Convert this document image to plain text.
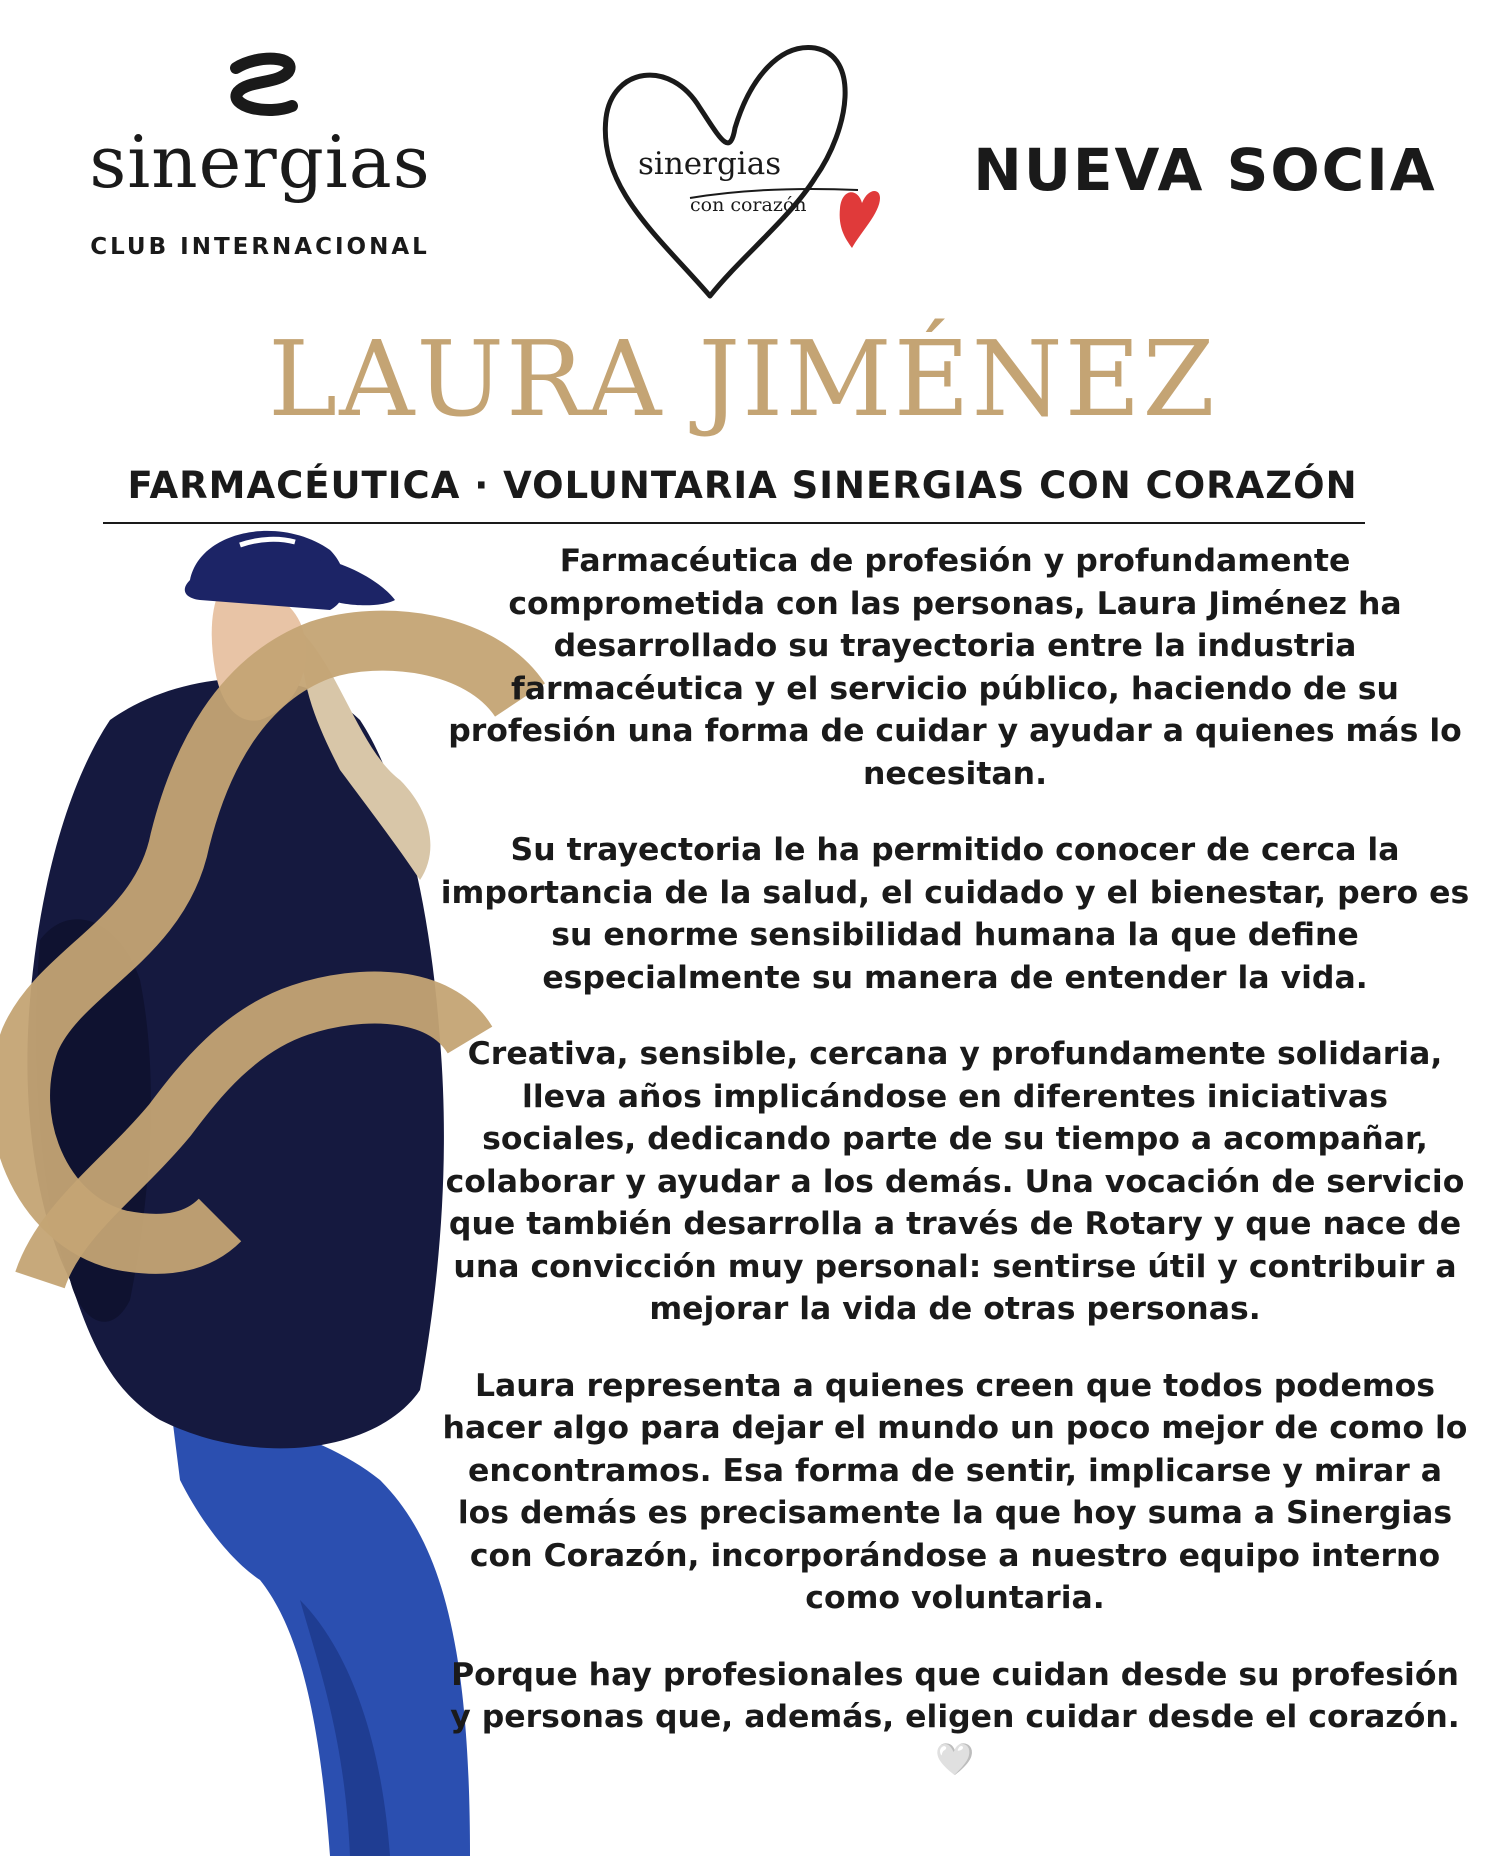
sinergias
CLUB INTERNACIONAL
sinergias
con corazón
NUEVA SOCIA
LAURA JIMÉNEZ
FARMACÉUTICA · VOLUNTARIA SINERGIAS CON CORAZÓN

Farmacéutica de profesión y profundamente comprometida con las personas, Laura Jiménez ha desarrollado su trayectoria entre la industria farmacéutica y el servicio público, haciendo de su profesión una forma de cuidar y ayudar a quienes más lo necesitan.

Su trayectoria le ha permitido conocer de cerca la importancia de la salud, el cuidado y el bienestar, pero es su enorme sensibilidad humana la que define especialmente su manera de entender la vida.

Creativa, sensible, cercana y profundamente solidaria, lleva años implicándose en diferentes iniciativas sociales, dedicando parte de su tiempo a acompañar, colaborar y ayudar a los demás. Una vocación de servicio que también desarrolla a través de Rotary y que nace de una convicción muy personal: sentirse útil y contribuir a mejorar la vida de otras personas.

Laura representa a quienes creen que todos podemos hacer algo para dejar el mundo un poco mejor de como lo encontramos. Esa forma de sentir, implicarse y mirar a los demás es precisamente la que hoy suma a Sinergias con Corazón, incorporándose a nuestro equipo interno como voluntaria.

Porque hay profesionales que cuidan desde su profesión y personas que, además, eligen cuidar desde el corazón. 🤍
